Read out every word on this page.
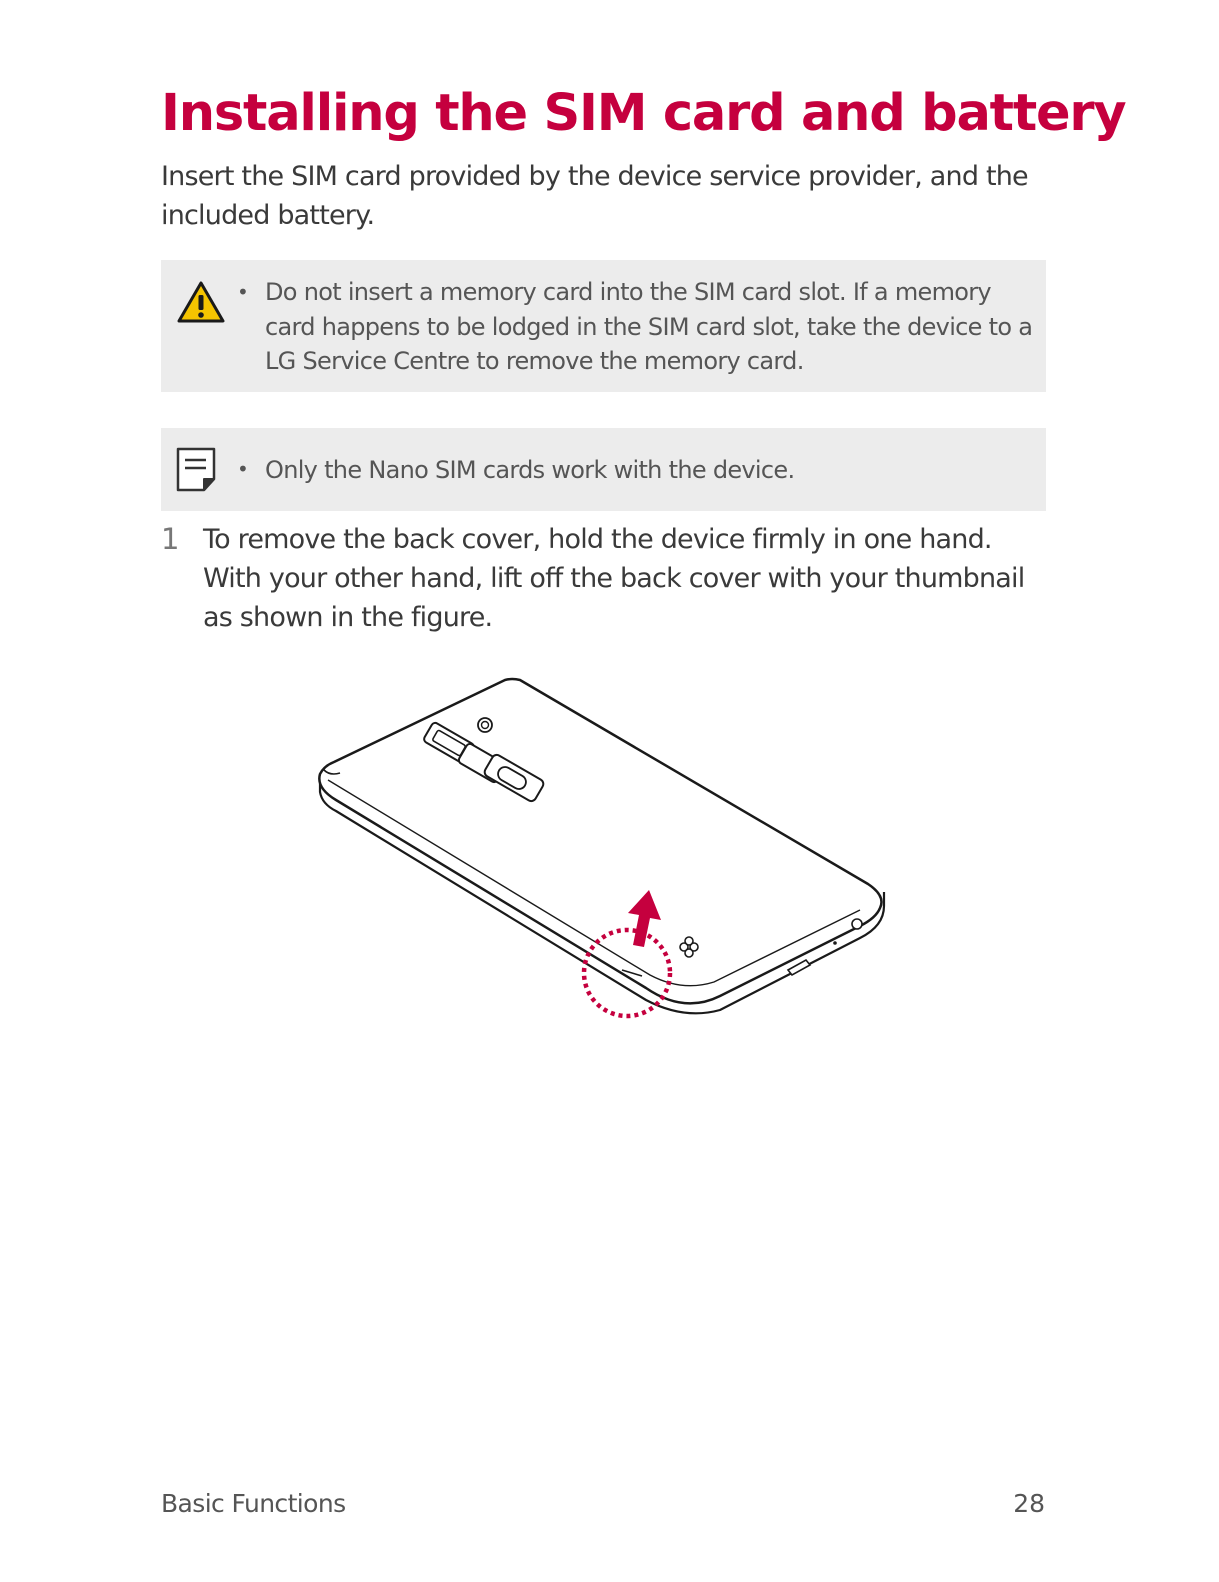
Installing the SIM card and battery

Insert the SIM card provided by the device service provider, and the included battery.

• Do not insert a memory card into the SIM card slot. If a memory card happens to be lodged in the SIM card slot, take the device to a LG Service Centre to remove the memory card.

• Only the Nano SIM cards work with the device.

1 To remove the back cover, hold the device firmly in one hand. With your other hand, lift off the back cover with your thumbnail as shown in the figure.

Basic Functions	28
